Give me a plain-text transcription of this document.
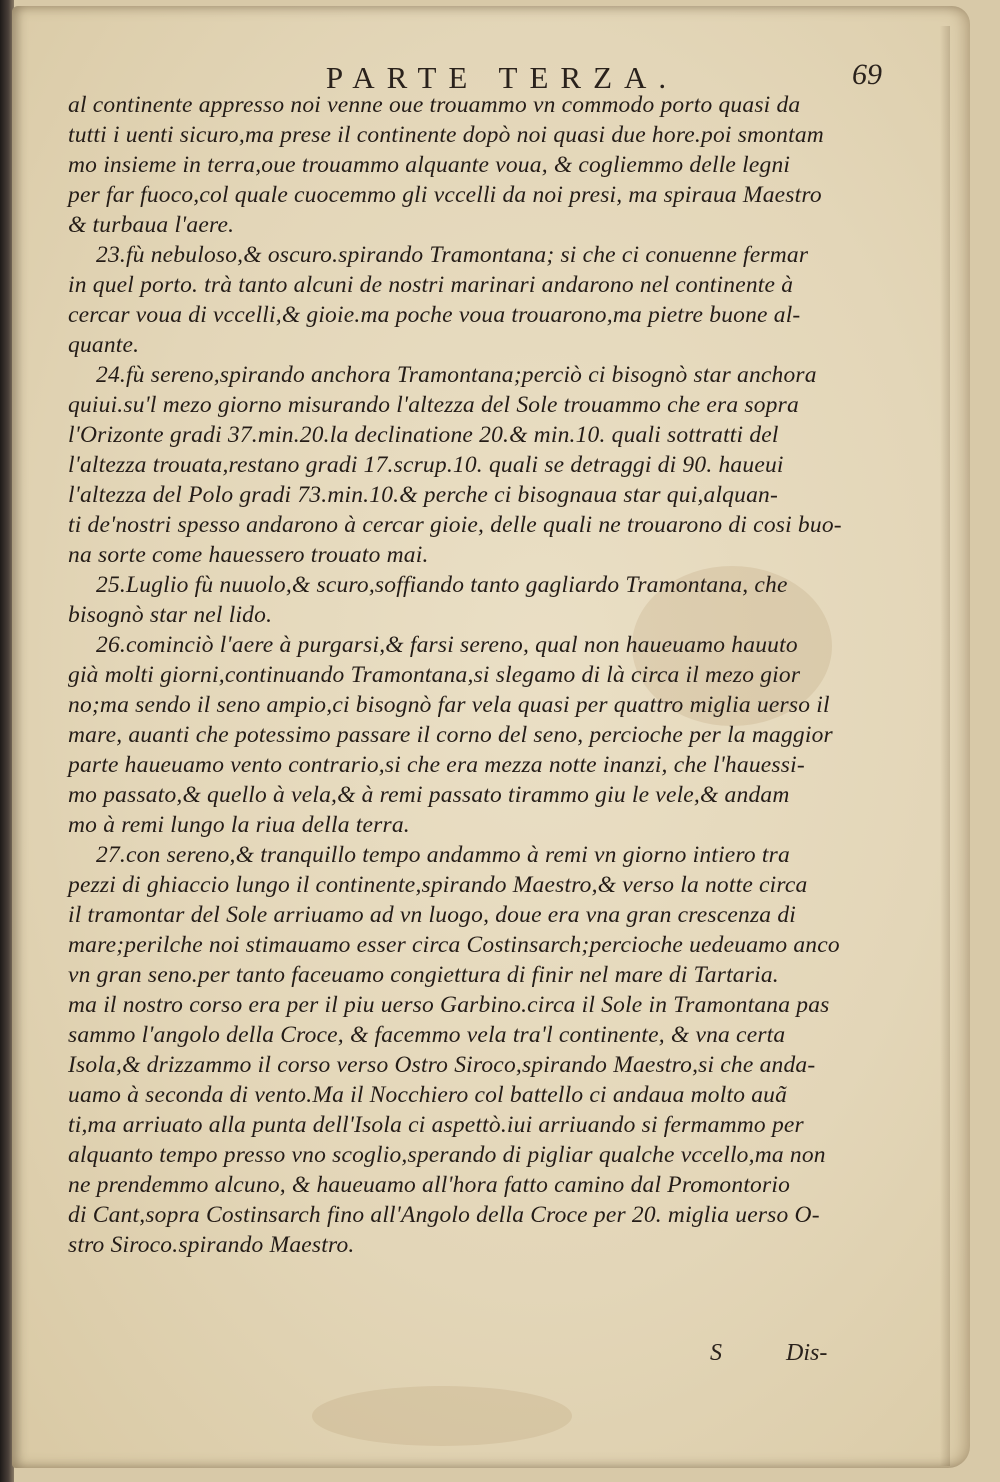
PARTE TERZA.	69
al continente appresso noi venne oue trouammo vn commodo porto quasi da
tutti i uenti sicuro,ma prese il continente dopò noi quasi due hore.poi smontam
mo insieme in terra,oue trouammo alquante voua, & cogliemmo delle legni
per far fuoco,col quale cuocemmo gli vccelli da noi presi, ma spiraua Maestro
& turbaua l'aere.
23.fù nebuloso,& oscuro.spirando Tramontana; si che ci conuenne fermar
in quel porto. trà tanto alcuni de nostri marinari andarono nel continente à
cercar voua di vccelli,& gioie.ma poche voua trouarono,ma pietre buone al-
quante.
24.fù sereno,spirando anchora Tramontana;perciò ci bisognò star anchora
quiui.su'l mezo giorno misurando l'altezza del Sole trouammo che era sopra
l'Orizonte gradi 37.min.20.la declinatione 20.& min.10. quali sottratti del
l'altezza trouata,restano gradi 17.scrup.10. quali se detraggi di 90. haueui
l'altezza del Polo gradi 73.min.10.& perche ci bisognaua star qui,alquan-
ti de'nostri spesso andarono à cercar gioie, delle quali ne trouarono di cosi buo-
na sorte come hauessero trouato mai.
25.Luglio fù nuuolo,& scuro,soffiando tanto gagliardo Tramontana, che
bisognò star nel lido.
26.cominciò l'aere à purgarsi,& farsi sereno, qual non haueuamo hauuto
già molti giorni,continuando Tramontana,si slegamo di là circa il mezo gior
no;ma sendo il seno ampio,ci bisognò far vela quasi per quattro miglia uerso il
mare, auanti che potessimo passare il corno del seno, percioche per la maggior
parte haueuamo vento contrario,si che era mezza notte inanzi, che l'hauessi-
mo passato,& quello à vela,& à remi passato tirammo giu le vele,& andam
mo à remi lungo la riua della terra.
27.con sereno,& tranquillo tempo andammo à remi vn giorno intiero tra
pezzi di ghiaccio lungo il continente,spirando Maestro,& verso la notte circa
il tramontar del Sole arriuamo ad vn luogo, doue era vna gran crescenza di
mare;perilche noi stimauamo esser circa Costinsarch;percioche uedeuamo anco
vn gran seno.per tanto faceuamo congiettura di finir nel mare di Tartaria.
ma il nostro corso era per il piu uerso Garbino.circa il Sole in Tramontana pas
sammo l'angolo della Croce, & facemmo vela tra'l continente, & vna certa
Isola,& drizzammo il corso verso Ostro Siroco,spirando Maestro,si che anda-
uamo à seconda di vento.Ma il Nocchiero col battello ci andaua molto auã
ti,ma arriuato alla punta dell'Isola ci aspettò.iui arriuando si fermammo per
alquanto tempo presso vno scoglio,sperando di pigliar qualche vccello,ma non
ne prendemmo alcuno, & haueuamo all'hora fatto camino dal Promontorio
di Cant,sopra Costinsarch fino all'Angolo della Croce per 20. miglia uerso O-
stro Siroco.spirando Maestro.
S	Dis-
